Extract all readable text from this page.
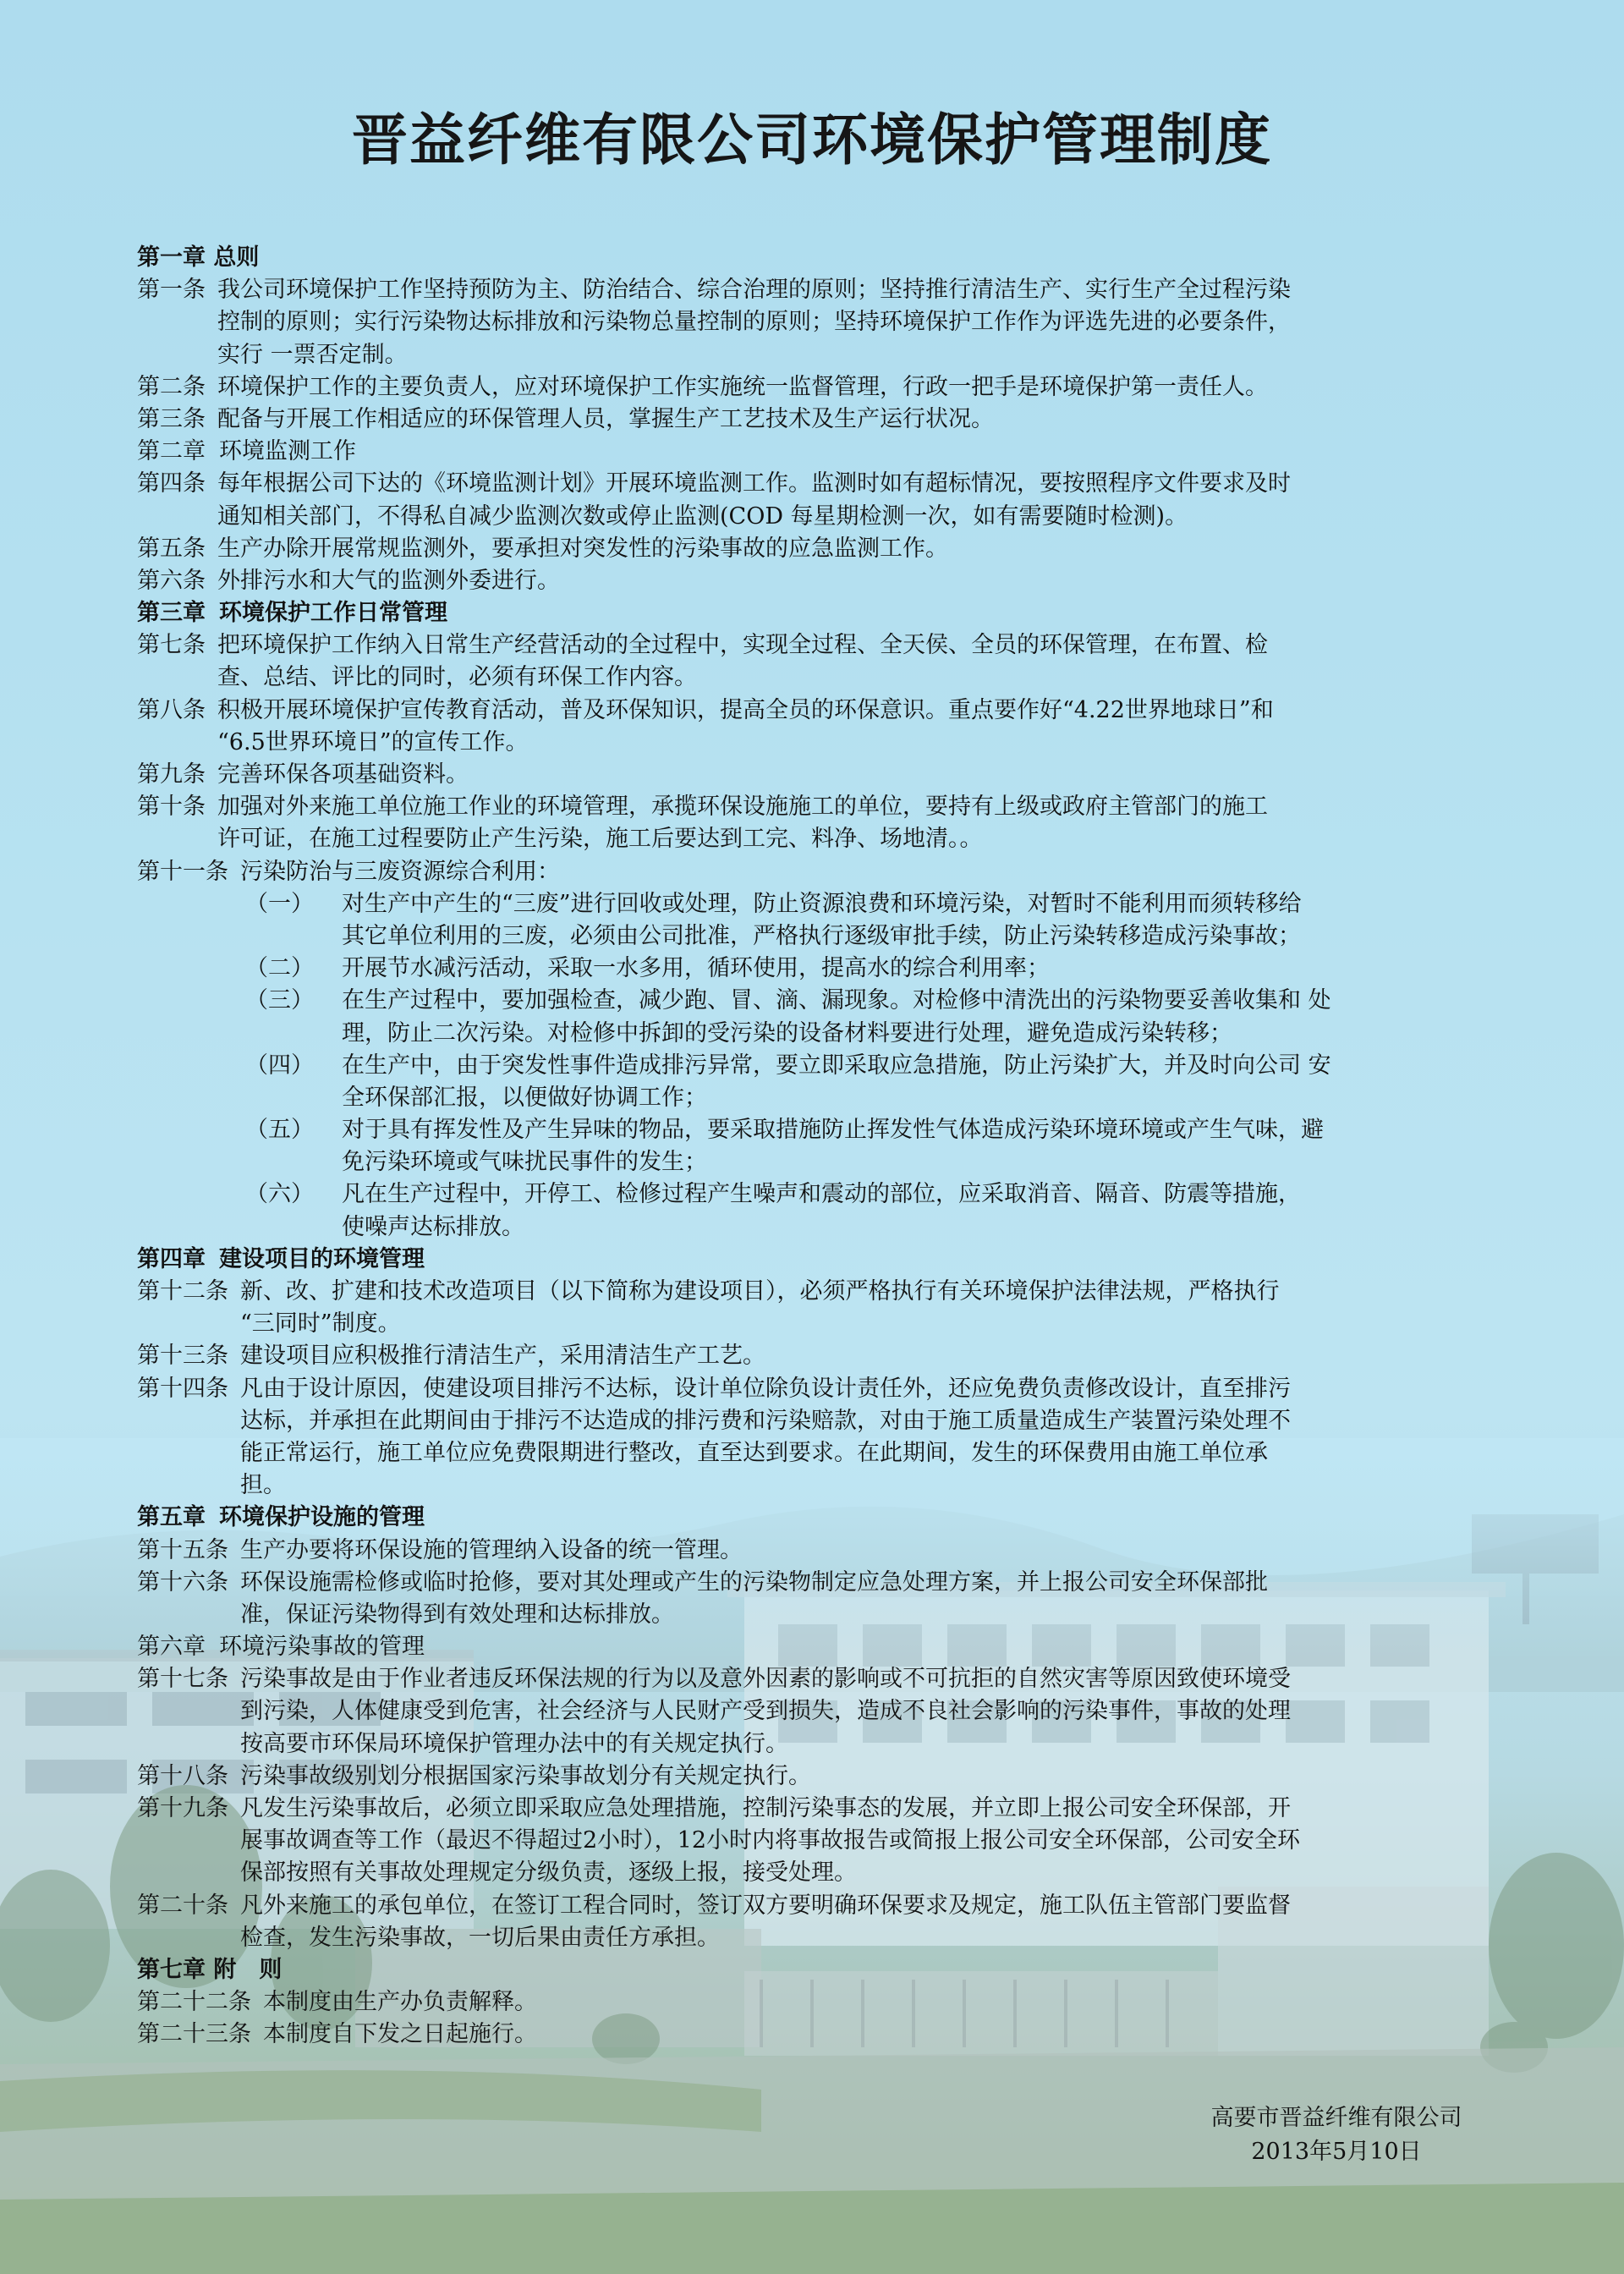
晋益纤维有限公司环境保护管理制度
第一章 总则
第一条 我公司环境保护工作坚持预防为主、防治结合、综合治理的原则；坚持推行清洁生产、实行生产全过程污染
控制的原则；实行污染物达标排放和污染物总量控制的原则；坚持环境保护工作作为评选先进的必要条件，
实行 一票否定制。
第二条 环境保护工作的主要负责人，应对环境保护工作实施统一监督管理，行政一把手是环境保护第一责任人。
第三条 配备与开展工作相适应的环保管理人员，掌握生产工艺技术及生产运行状况。
第二章 环境监测工作
第四条 每年根据公司下达的《环境监测计划》开展环境监测工作。监测时如有超标情况，要按照程序文件要求及时
通知相关部门，不得私自减少监测次数或停止监测(COD 每星期检测一次，如有需要随时检测)。
第五条 生产办除开展常规监测外，要承担对突发性的污染事故的应急监测工作。
第六条 外排污水和大气的监测外委进行。
第三章 环境保护工作日常管理
第七条 把环境保护工作纳入日常生产经营活动的全过程中，实现全过程、全天侯、全员的环保管理，在布置、检
查、总结、评比的同时，必须有环保工作内容。
第八条 积极开展环境保护宣传教育活动，普及环保知识，提高全员的环保意识。重点要作好“4.22世界地球日”和
“6.5世界环境日”的宣传工作。
第九条 完善环保各项基础资料。
第十条 加强对外来施工单位施工作业的环境管理，承揽环保设施施工的单位，要持有上级或政府主管部门的施工
许可证，在施工过程要防止产生污染，施工后要达到工完、料净、场地清。。
第十一条 污染防治与三废资源综合利用：
（一） 对生产中产生的“三废”进行回收或处理，防止资源浪费和环境污染，对暂时不能利用而须转移给
其它单位利用的三废，必须由公司批准，严格执行逐级审批手续，防止污染转移造成污染事故；
（二） 开展节水减污活动，采取一水多用，循环使用，提高水的综合利用率；
（三） 在生产过程中，要加强检查，减少跑、冒、滴、漏现象。对检修中清洗出的污染物要妥善收集和 处
理，防止二次污染。对检修中拆卸的受污染的设备材料要进行处理，避免造成污染转移；
（四） 在生产中，由于突发性事件造成排污异常，要立即采取应急措施，防止污染扩大，并及时向公司 安
全环保部汇报，以便做好协调工作；
（五） 对于具有挥发性及产生异味的物品，要采取措施防止挥发性气体造成污染环境环境或产生气味，避
免污染环境或气味扰民事件的发生；
（六） 凡在生产过程中，开停工、检修过程产生噪声和震动的部位，应采取消音、隔音、防震等措施，
使噪声达标排放。
第四章 建设项目的环境管理
第十二条 新、改、扩建和技术改造项目（以下简称为建设项目），必须严格执行有关环境保护法律法规，严格执行
“三同时”制度。
第十三条 建设项目应积极推行清洁生产，采用清洁生产工艺。
第十四条 凡由于设计原因，使建设项目排污不达标，设计单位除负设计责任外，还应免费负责修改设计，直至排污
达标，并承担在此期间由于排污不达造成的排污费和污染赔款，对由于施工质量造成生产装置污染处理不
能正常运行，施工单位应免费限期进行整改，直至达到要求。在此期间，发生的环保费用由施工单位承
担。
第五章 环境保护设施的管理
第十五条 生产办要将环保设施的管理纳入设备的统一管理。
第十六条 环保设施需检修或临时抢修，要对其处理或产生的污染物制定应急处理方案，并上报公司安全环保部批
准，保证污染物得到有效处理和达标排放。
第六章 环境污染事故的管理
第十七条 污染事故是由于作业者违反环保法规的行为以及意外因素的影响或不可抗拒的自然灾害等原因致使环境受
到污染，人体健康受到危害，社会经济与人民财产受到损失，造成不良社会影响的污染事件，事故的处理
按高要市环保局环境保护管理办法中的有关规定执行。
第十八条 污染事故级别划分根据国家污染事故划分有关规定执行。
第十九条 凡发生污染事故后，必须立即采取应急处理措施，控制污染事态的发展，并立即上报公司安全环保部，开
展事故调查等工作（最迟不得超过2小时），12小时内将事故报告或简报上报公司安全环保部，公司安全环
保部按照有关事故处理规定分级负责，逐级上报，接受处理。
第二十条 凡外来施工的承包单位，在签订工程合同时，签订双方要明确环保要求及规定，施工队伍主管部门要监督
检查，发生污染事故，一切后果由责任方承担。
第七章 附　则
第二十二条 本制度由生产办负责解释。
第二十三条 本制度自下发之日起施行。
高要市晋益纤维有限公司
2013年5月10日
